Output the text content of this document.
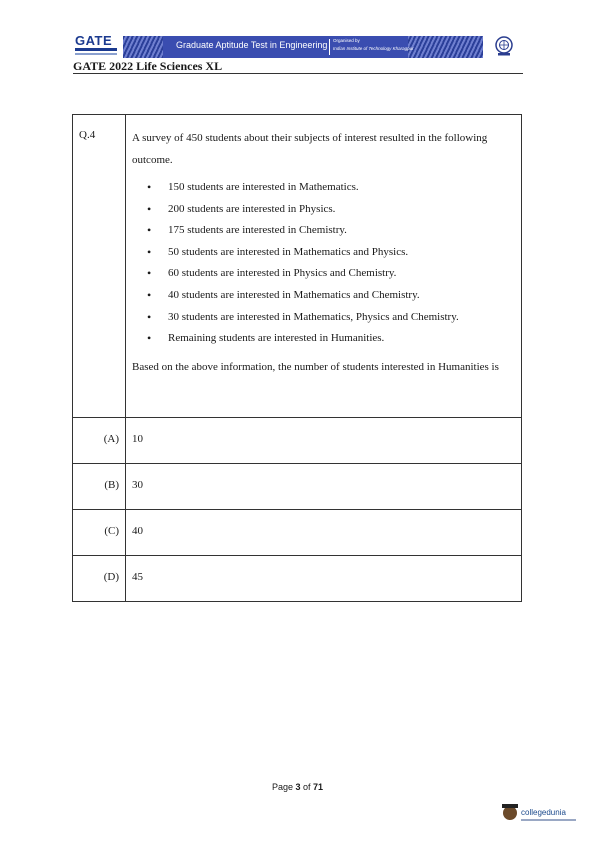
GATE	Graduate Aptitude Test in Engineering Organised by
Indian Institute of Technology Kharagpur
GATE 2022 Life Sciences XL
Q.4	A survey of 450 students about their subjects of interest resulted in the following outcome.

• 150 students are interested in Mathematics.
• 200 students are interested in Physics.
• 175 students are interested in Chemistry.
• 50 students are interested in Mathematics and Physics.
• 60 students are interested in Physics and Chemistry.
• 40 students are interested in Mathematics and Chemistry.
• 30 students are interested in Mathematics, Physics and Chemistry.
• Remaining students are interested in Humanities.

Based on the above information, the number of students interested in Humanities is

(A)	10
(B)	30
(C)	40
(D)	45
Page 3 of 71
collegedunia
